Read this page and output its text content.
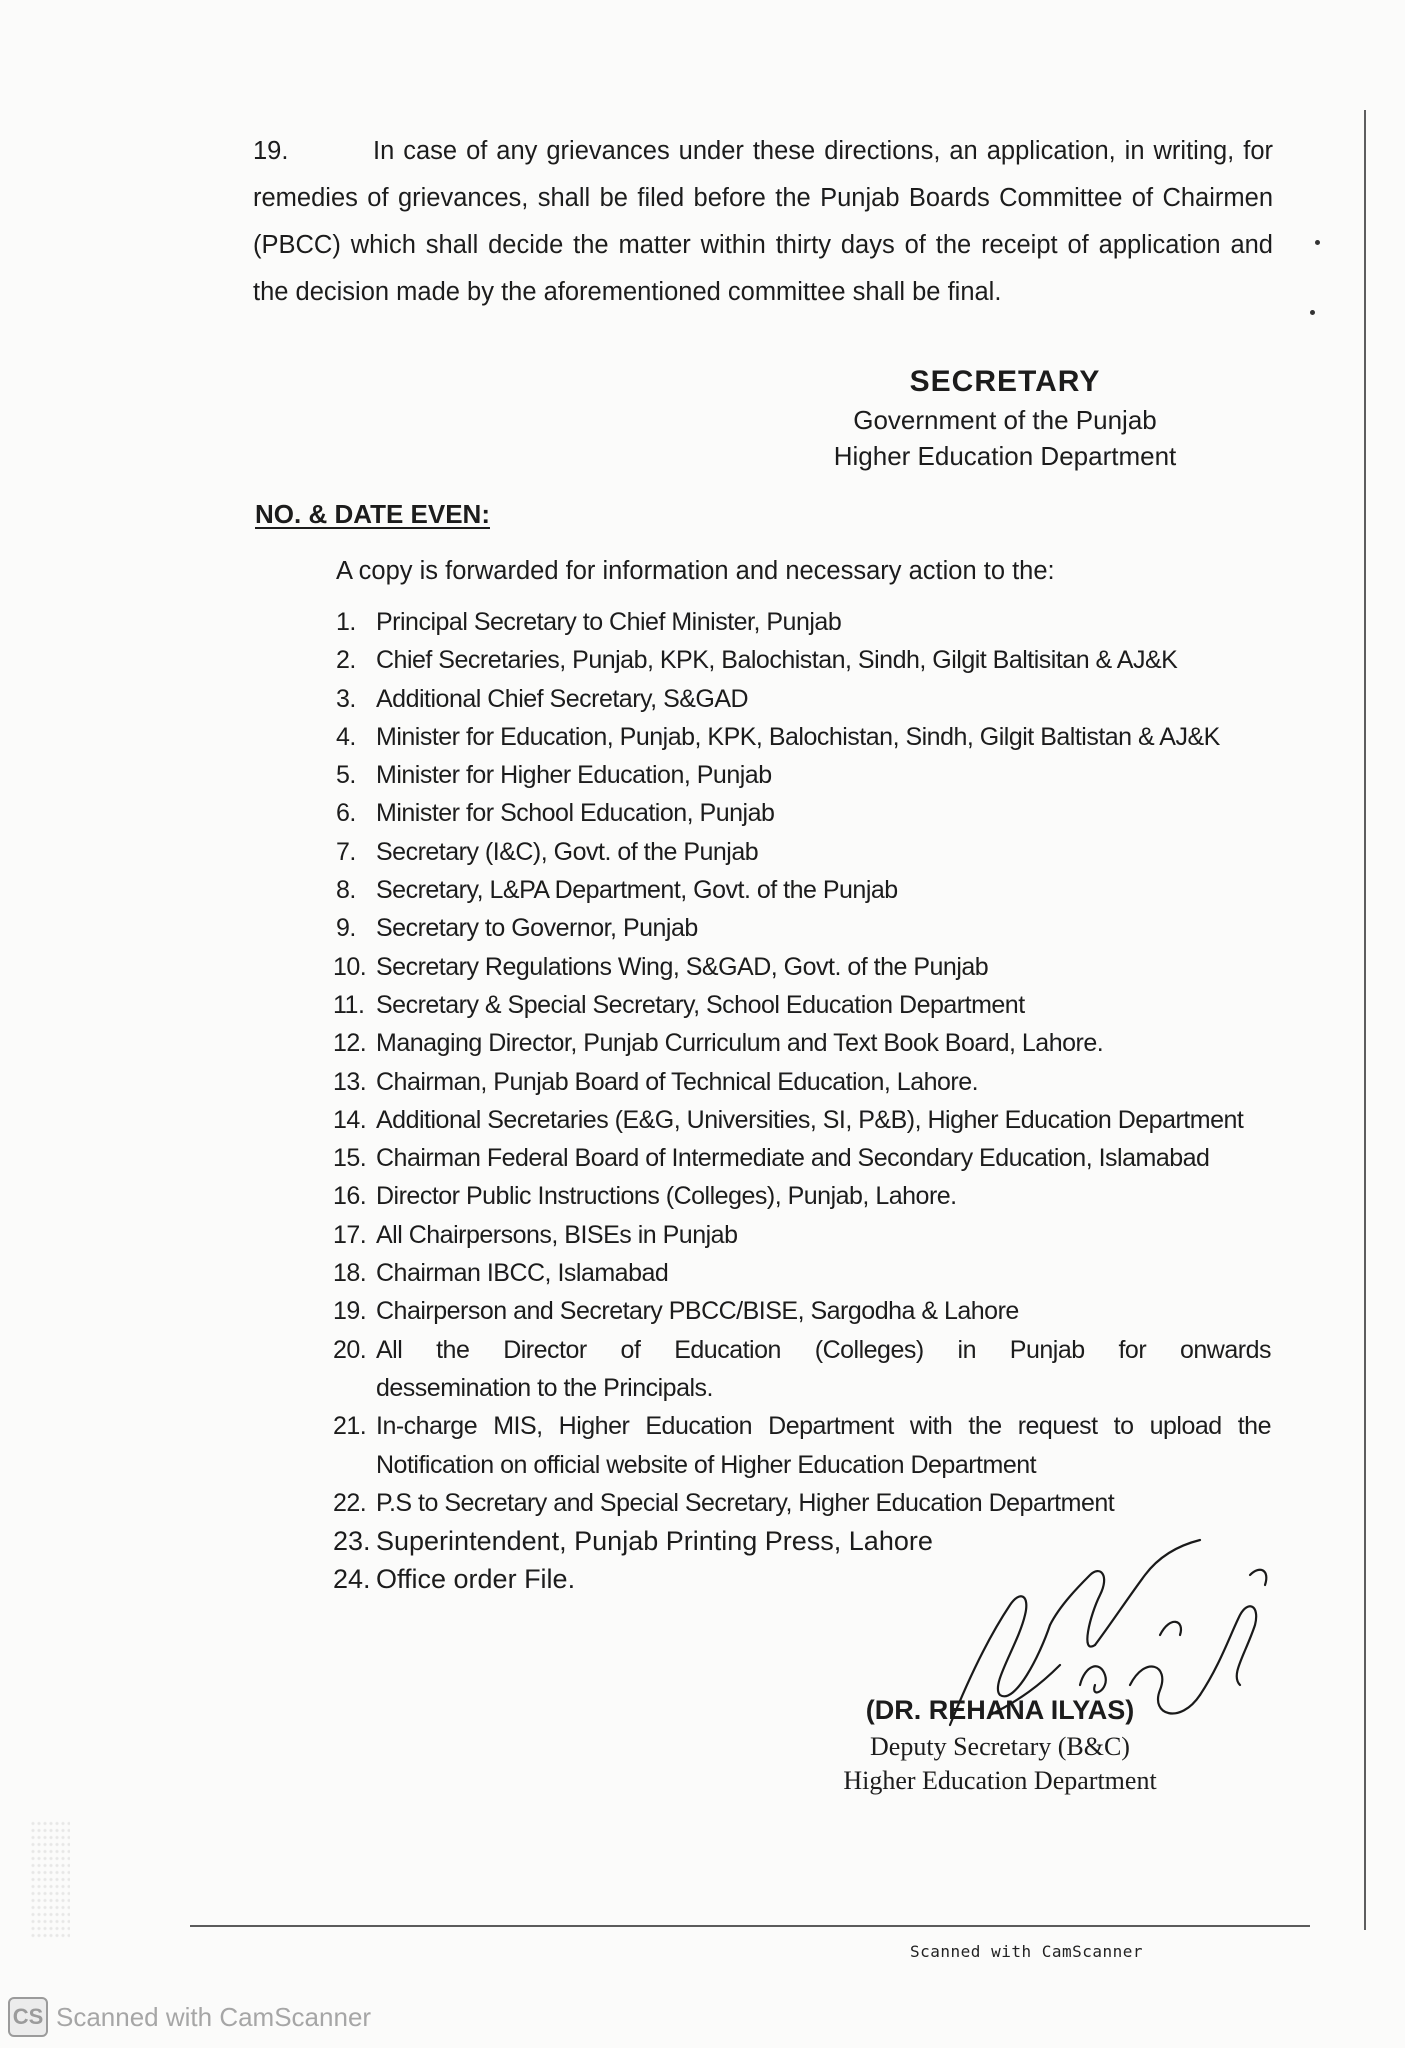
19.	In case of any grievances under these directions, an application, in writing, for remedies of grievances, shall be filed before the Punjab Boards Committee of Chairmen (PBCC) which shall decide the matter within thirty days of the receipt of application and the decision made by the aforementioned committee shall be final.
SECRETARY
Government of the Punjab
Higher Education Department
NO. & DATE EVEN:
A copy is forwarded for information and necessary action to the:
1. Principal Secretary to Chief Minister, Punjab
2. Chief Secretaries, Punjab, KPK, Balochistan, Sindh, Gilgit Baltisitan & AJ&K
3. Additional Chief Secretary, S&GAD
4. Minister for Education, Punjab, KPK, Balochistan, Sindh, Gilgit Baltistan & AJ&K
5. Minister for Higher Education, Punjab
6. Minister for School Education, Punjab
7. Secretary (I&C), Govt. of the Punjab
8. Secretary, L&PA Department, Govt. of the Punjab
9. Secretary to Governor, Punjab
10. Secretary Regulations Wing, S&GAD, Govt. of the Punjab
11. Secretary & Special Secretary, School Education Department
12. Managing Director, Punjab Curriculum and Text Book Board, Lahore.
13. Chairman, Punjab Board of Technical Education, Lahore.
14. Additional Secretaries (E&G, Universities, SI, P&B), Higher Education Department
15. Chairman Federal Board of Intermediate and Secondary Education, Islamabad
16. Director Public Instructions (Colleges), Punjab, Lahore.
17. All Chairpersons, BISEs in Punjab
18. Chairman IBCC, Islamabad
19. Chairperson and Secretary PBCC/BISE, Sargodha & Lahore
20. All the Director of Education (Colleges) in Punjab for onwards
dessemination to the Principals.
21. In-charge MIS, Higher Education Department with the request to upload the
Notification on official website of Higher Education Department
22. P.S to Secretary and Special Secretary, Higher Education Department
23. Superintendent, Punjab Printing Press, Lahore
24. Office order File.
(DR. REHANA ILYAS)
Deputy Secretary (B&C)
Higher Education Department
Scanned with CamScanner
CS Scanned with CamScanner
